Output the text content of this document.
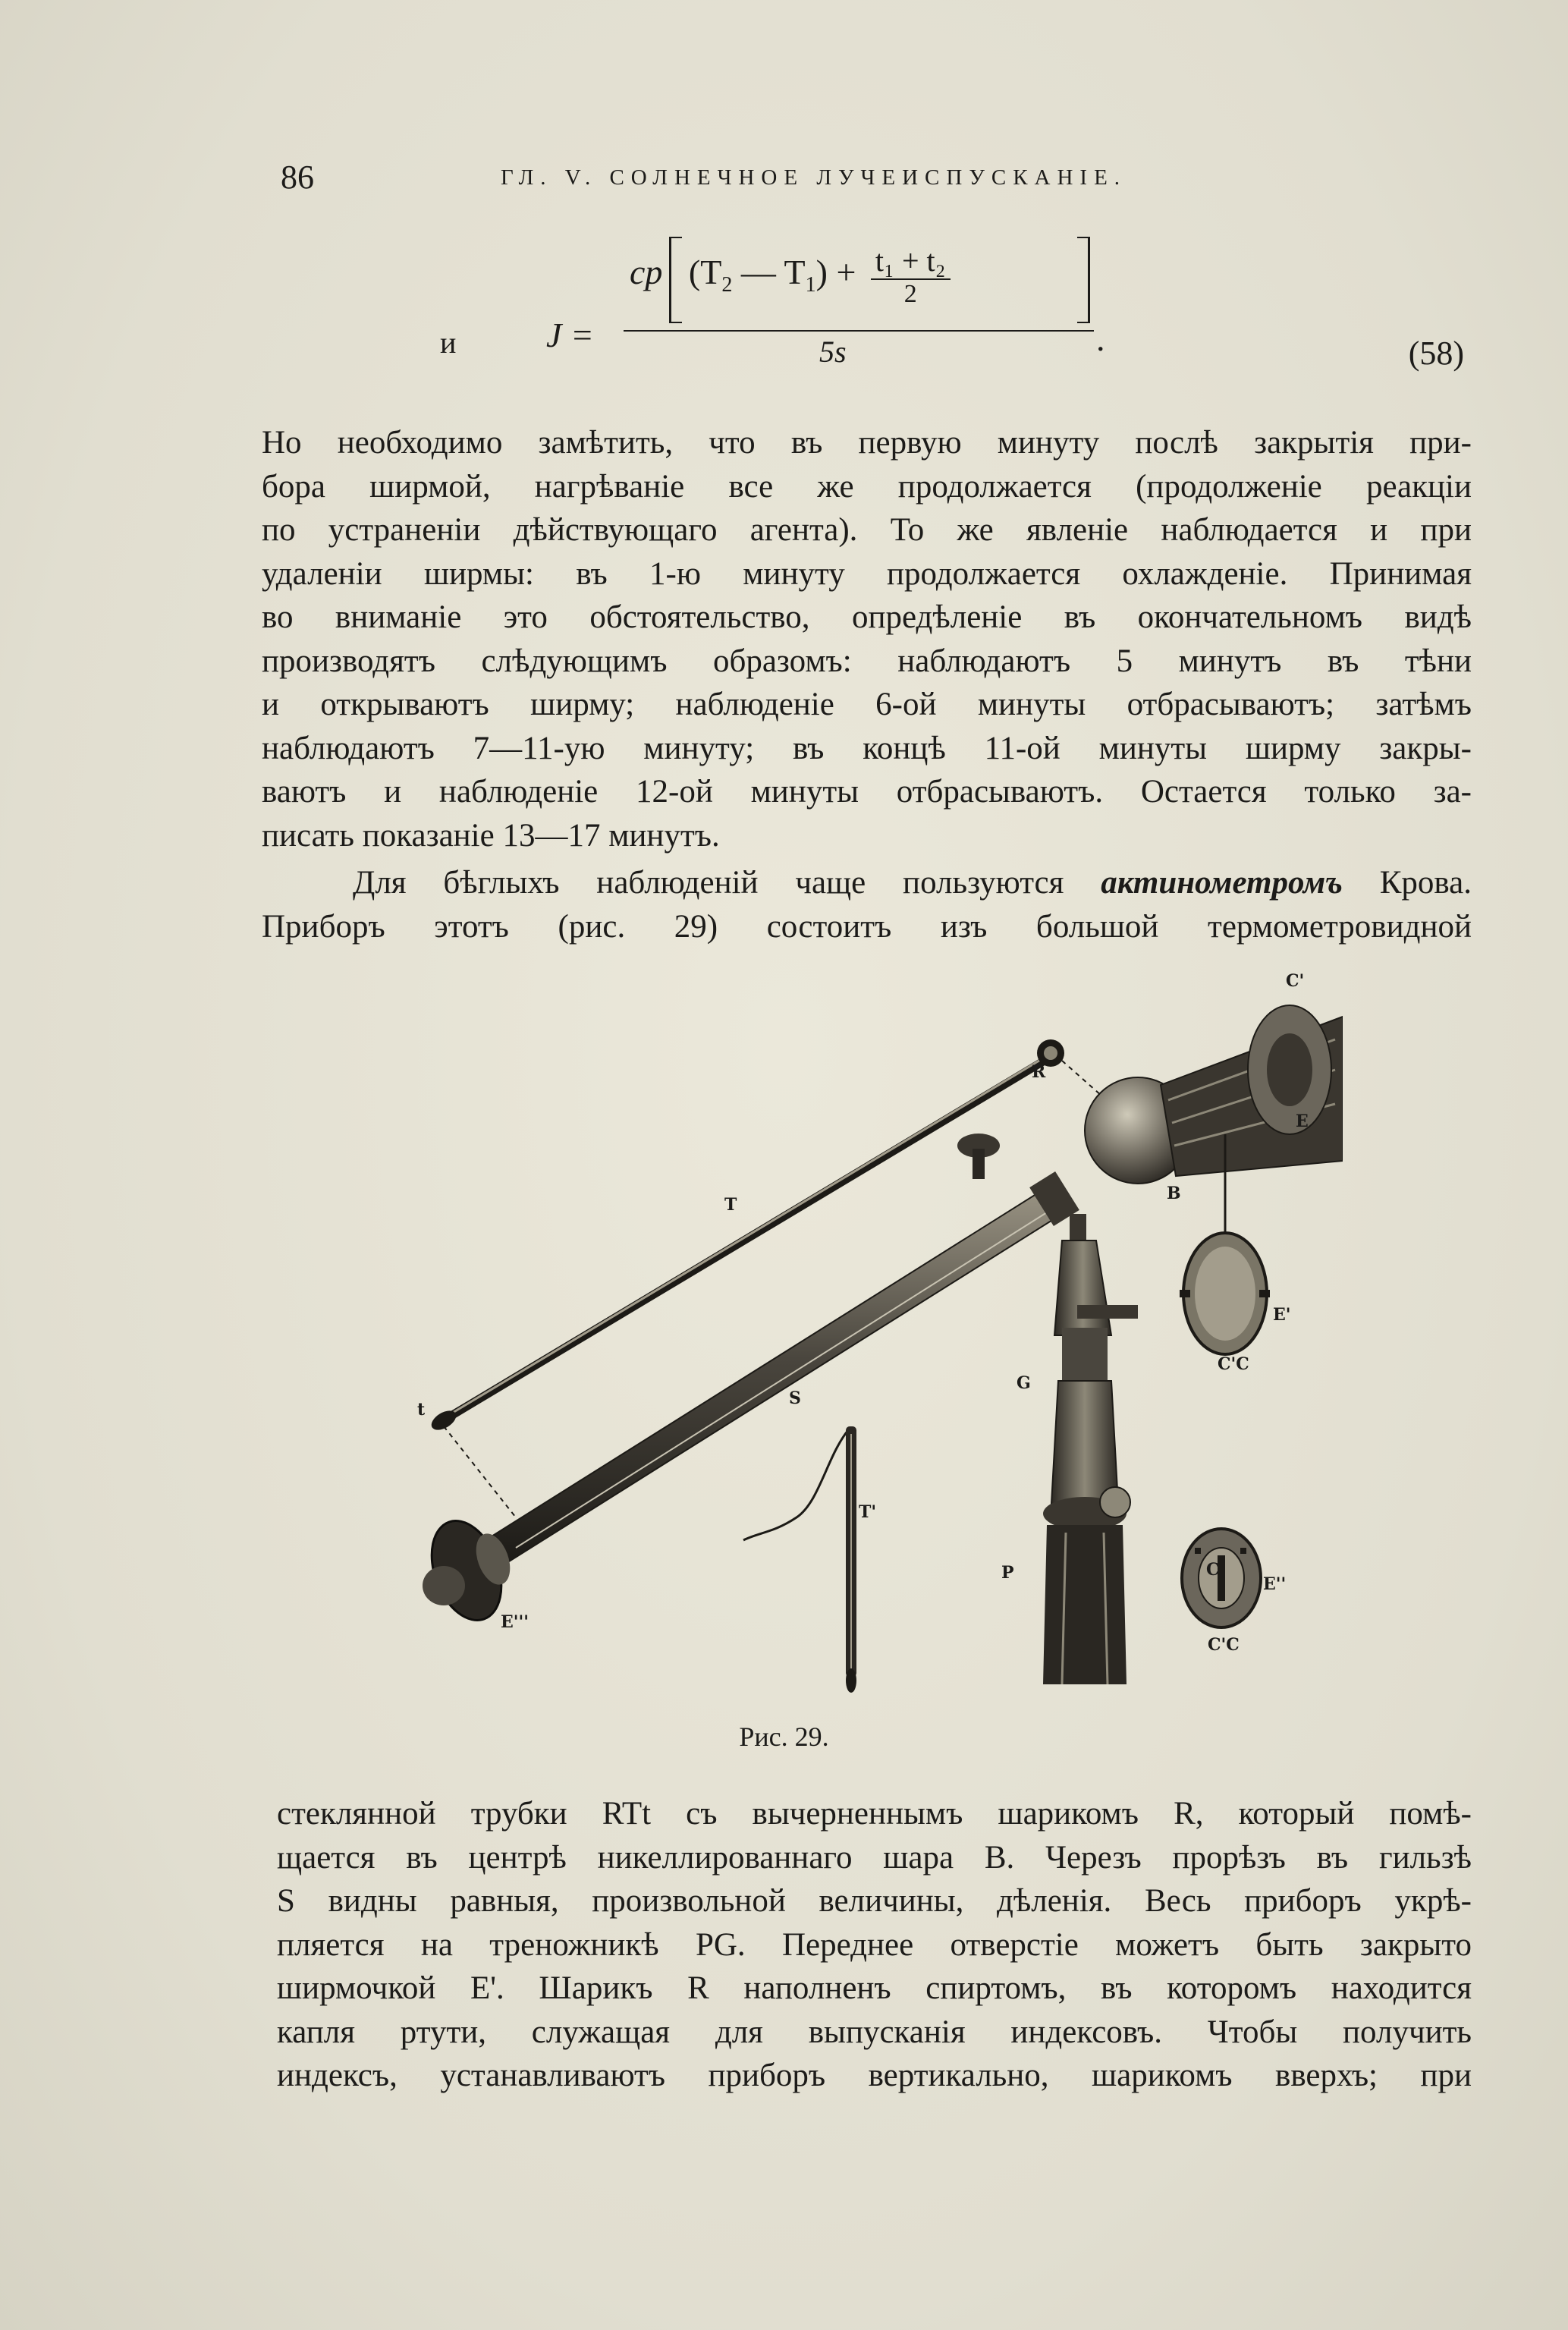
86	ГЛ. V. СОЛНЕЧНОЕ ЛУЧЕИСПУСКАНІЕ.
и	J =
cp ($T_2$ — $T_1) + \frac{\text{t₁ + t₂}}{2}$
5s	.	(58)
Но необходимо замѣтить, что въ первую минуту послѣ закрытія при-
бора ширмой, нагрѣваніе все же продолжается (продолженіе реакціи
по устраненіи дѣйствующаго агента). То же явленіе наблюдается и при
удаленіи ширмы: въ 1-ю минуту продолжается охлажденіе. Принимая
во вниманіе это обстоятельство, опредѣленіе въ окончательномъ видѣ
производятъ слѣдующимъ образомъ: наблюдаютъ 5 минутъ въ тѣни
и открываютъ ширму; наблюденіе 6-ой минуты отбрасываютъ; затѣмъ
наблюдаютъ 7—11-ую минуту; въ концѣ 11-ой минуты ширму закры-
ваютъ и наблюденіе 12-ой минуты отбрасываютъ. Остается только за-
писать показаніе 13—17 минутъ.
Для бѣглыхъ наблюденій чаще пользуются актинометромъ Крова.
Приборъ этотъ (рис. 29) состоитъ изъ большой термометровидной
R
C'
E
B
T
E'
C'C
t
S
G
T'
P
E'''
E''
C
C'C
Рис. 29.
стеклянной трубки RTt съ вычерненнымъ шарикомъ R, который помѣ-
щается въ центрѣ никеллированнаго шара B. Черезъ прорѣзъ въ гильзѣ
S видны равныя, произвольной величины, дѣленія. Весь приборъ укрѣ-
пляется на треножникѣ PG. Переднее отверстіе можетъ быть закрыто
ширмочкой E'. Шарикъ R наполненъ спиртомъ, въ которомъ находится
капля ртути, служащая для выпусканія индексовъ. Чтобы получить
индексъ, устанавливаютъ приборъ вертикально, шарикомъ вверхъ; при
